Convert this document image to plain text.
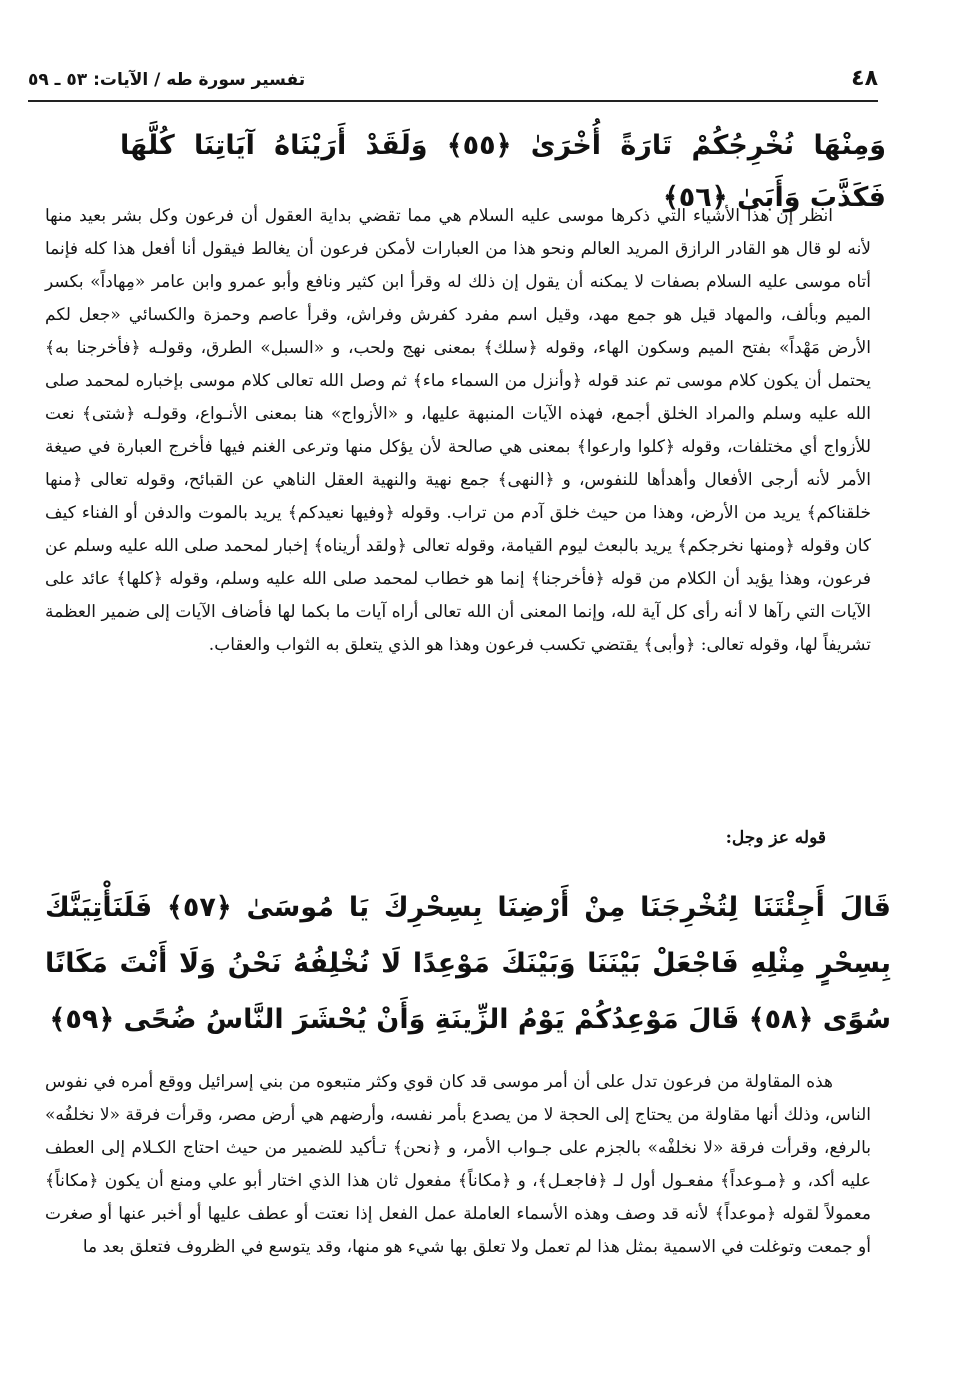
٤٨
تفسير سورة طه / الآيات: ٥٣ ـ ٥٩
وَمِنْهَا نُخْرِجُكُمْ تَارَةً أُخْرَىٰ ﴿٥٥﴾ وَلَقَدْ أَرَيْنَاهُ آيَاتِنَا كُلَّهَا فَكَذَّبَ وَأَبَىٰ ﴿٥٦﴾

انظر إن هذا الأشياء التي ذكرها موسى عليه السلام هي مما تقضي بداية العقول أن فرعون وكل بشر بعيد منها لأنه لو قال هو القادر الرازق المريد العالم ونحو هذا من العبارات لأمكن فرعون أن يغالط فيقول أنا أفعل هذا كله فإنما أتاه موسى عليه السلام بصفات لا يمكنه أن يقول إن ذلك له وقرأ ابن كثير ونافع وأبو عمرو وابن عامر «مِهاداً» بكسر الميم وبألف، والمهاد قيل هو جمع مهد، وقيل اسم مفرد كفرش وفراش، وقرأ عاصم وحمزة والكسائي «جعل لكم الأرض مَهْداً» بفتح الميم وسكون الهاء، وقوله ﴿سلك﴾ بمعنى نهج ولحب، و «السبل» الطرق، وقولـه ﴿فأخرجنا به﴾ يحتمل أن يكون كلام موسى تم عند قوله ﴿وأنزل من السماء ماء﴾ ثم وصل الله تعالى كلام موسى بإخباره لمحمد صلى الله عليه وسلم والمراد الخلق أجمع، فهذه الآيات المنبهة عليها، و «الأزواج» هنا بمعنى الأنـواع، وقولـه ﴿شتى﴾ نعت للأزواج أي مختلفات، وقوله ﴿كلوا وارعوا﴾ بمعنى هي صالحة لأن يؤكل منها وترعى الغنم فيها فأخرج العبارة في صيغة الأمر لأنه أرجى الأفعال وأهدأها للنفوس، و ﴿النهى﴾ جمع نهية والنهية العقل الناهي عن القبائح، وقوله تعالى ﴿منها خلقناكم﴾ يريد من الأرض، وهذا من حيث خلق آدم من تراب. وقوله ﴿وفيها نعيدكم﴾ يريد بالموت والدفن أو الفناء كيف كان وقوله ﴿ومنها نخرجكم﴾ يريد بالبعث ليوم القيامة، وقوله تعالى ﴿ولقد أريناه﴾ إخبار لمحمد صلى الله عليه وسلم عن فرعون، وهذا يؤيد أن الكلام من قوله ﴿فأخرجنا﴾ إنما هو خطاب لمحمد صلى الله عليه وسلم، وقوله ﴿كلها﴾ عائد على الآيات التي رآها لا أنه رأى كل آية لله، وإنما المعنى أن الله تعالى أراه آيات ما بكما لها فأضاف الآيات إلى ضمير العظمة تشريفاً لها، وقوله تعالى: ﴿وأبى﴾ يقتضي تكسب فرعون وهذا هو الذي يتعلق به الثواب والعقاب.

قوله عز وجل:
قَالَ أَجِئْتَنَا لِتُخْرِجَنَا مِنْ أَرْضِنَا بِسِحْرِكَ يَا مُوسَىٰ ﴿٥٧﴾ فَلَنَأْتِيَنَّكَ بِسِحْرٍ مِثْلِهِ فَاجْعَلْ بَيْنَنَا وَبَيْنَكَ مَوْعِدًا لَا نُخْلِفُهُ نَحْنُ وَلَا أَنْتَ مَكَانًا سُوًى ﴿٥٨﴾ قَالَ مَوْعِدُكُمْ يَوْمُ الزِّينَةِ وَأَنْ يُحْشَرَ النَّاسُ ضُحًى ﴿٥٩﴾

هذه المقاولة من فرعون تدل على أن أمر موسى قد كان قوي وكثر متبعوه من بني إسرائيل ووقع أمره في نفوس الناس، وذلك أنها مقاولة من يحتاج إلى الحجة لا من يصدع بأمر نفسه، وأرضهم هي أرض مصر، وقرأت فرقة «لا نخلفُه» بالرفع، وقرأت فرقة «لا نخلفْه» بالجزم على جـواب الأمر، و ﴿نحن﴾ تـأكيد للضمير من حيث احتاج الكـلام إلى العطف عليه أكد، و ﴿مـوعداً﴾ مفعـول أول لـ ﴿فاجعـل﴾، و ﴿مكاناً﴾ مفعول ثان هذا الذي اختار أبو علي ومنع أن يكون ﴿مكاناً﴾ معمولاً لقوله ﴿موعداً﴾ لأنه قد وصف وهذه الأسماء العاملة عمل الفعل إذا نعتت أو عطف عليها أو أخبر عنها أو صغرت أو جمعت وتوغلت في الاسمية بمثل هذا لم تعمل ولا تعلق بها شيء هو منها، وقد يتوسع في الظروف فتعلق بعد ما
